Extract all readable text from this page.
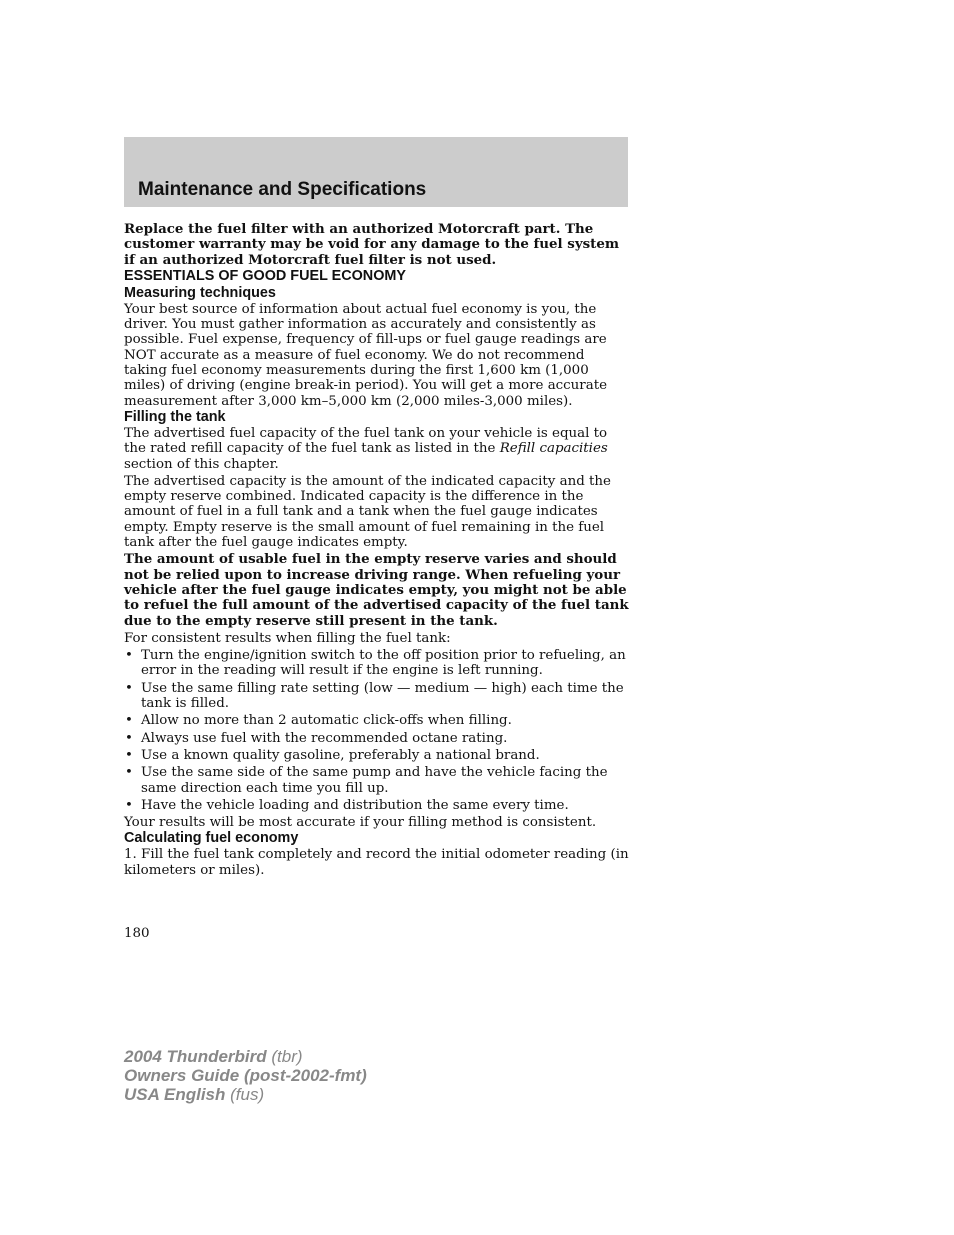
Maintenance and Specifications

Replace the fuel filter with an authorized Motorcraft part. The customer warranty may be void for any damage to the fuel system if an authorized Motorcraft fuel filter is not used.

ESSENTIALS OF GOOD FUEL ECONOMY

Measuring techniques

Your best source of information about actual fuel economy is you, the driver. You must gather information as accurately and consistently as possible. Fuel expense, frequency of fill-ups or fuel gauge readings are NOT accurate as a measure of fuel economy. We do not recommend taking fuel economy measurements during the first 1,600 km (1,000 miles) of driving (engine break-in period). You will get a more accurate measurement after 3,000 km–5,000 km (2,000 miles-3,000 miles).

Filling the tank

The advertised fuel capacity of the fuel tank on your vehicle is equal to the rated refill capacity of the fuel tank as listed in the Refill capacities section of this chapter.

The advertised capacity is the amount of the indicated capacity and the empty reserve combined. Indicated capacity is the difference in the amount of fuel in a full tank and a tank when the fuel gauge indicates empty. Empty reserve is the small amount of fuel remaining in the fuel tank after the fuel gauge indicates empty.

The amount of usable fuel in the empty reserve varies and should not be relied upon to increase driving range. When refueling your vehicle after the fuel gauge indicates empty, you might not be able to refuel the full amount of the advertised capacity of the fuel tank due to the empty reserve still present in the tank.

For consistent results when filling the fuel tank:

• Turn the engine/ignition switch to the off position prior to refueling, an error in the reading will result if the engine is left running.
• Use the same filling rate setting (low — medium — high) each time the tank is filled.
• Allow no more than 2 automatic click-offs when filling.
• Always use fuel with the recommended octane rating.
• Use a known quality gasoline, preferably a national brand.
• Use the same side of the same pump and have the vehicle facing the same direction each time you fill up.
• Have the vehicle loading and distribution the same every time.

Your results will be most accurate if your filling method is consistent.

Calculating fuel economy

1. Fill the fuel tank completely and record the initial odometer reading (in kilometers or miles).

180
2004 Thunderbird (tbr)
Owners Guide (post-2002-fmt)
USA English (fus)
